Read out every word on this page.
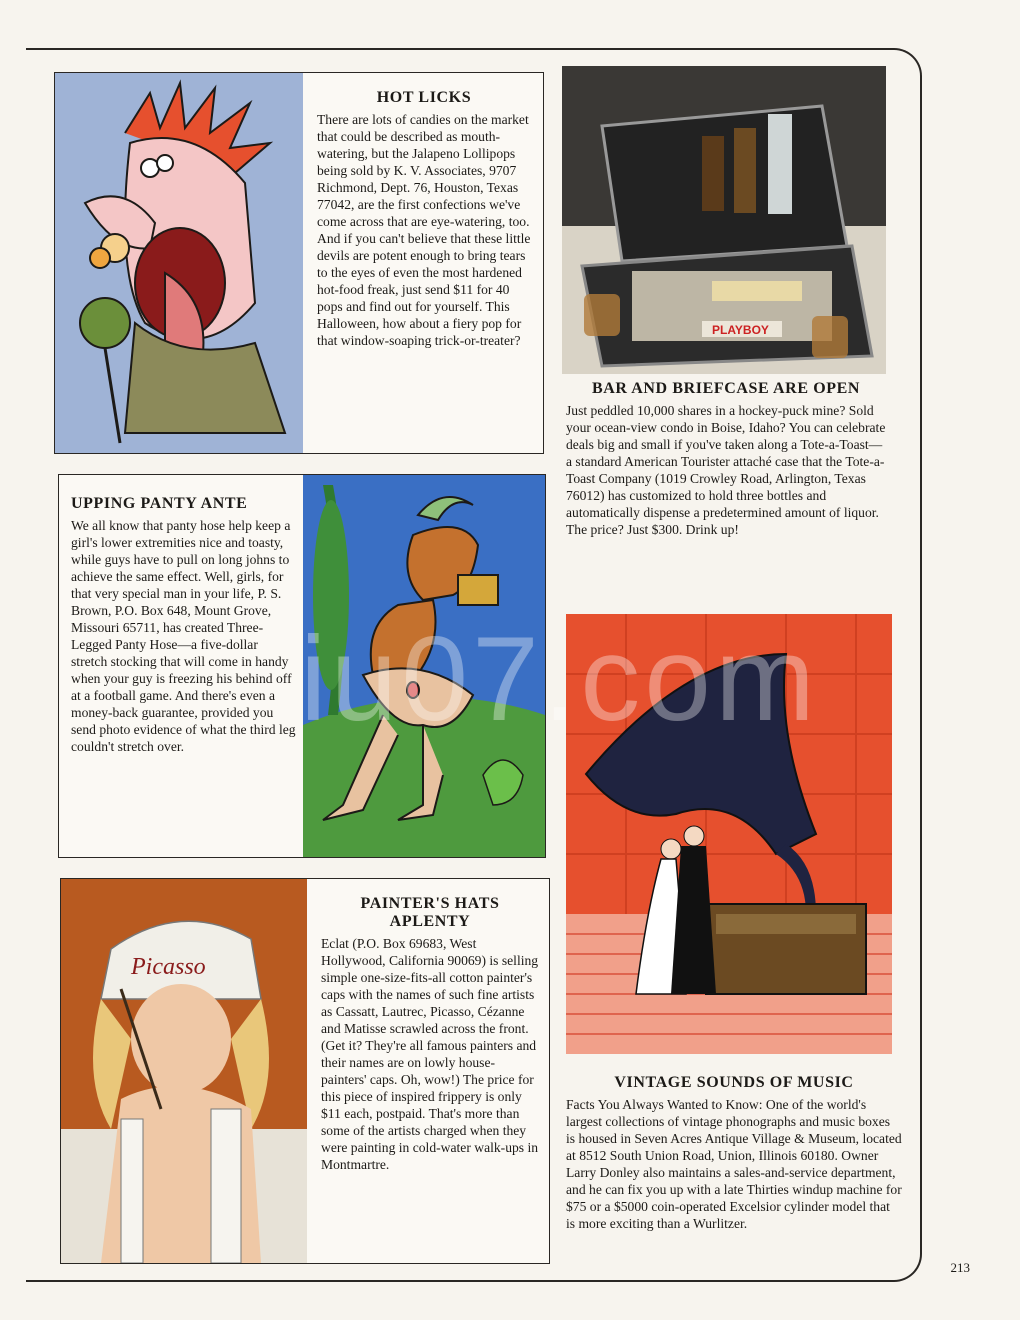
HOT LICKS

There are lots of candies on the market that could be described as mouth-watering, but the Jalapeno Lollipops being sold by K. V. Associates, 9707 Richmond, Dept. 76, Houston, Texas 77042, are the first confections we've come across that are eye-watering, too. And if you can't believe that these little devils are potent enough to bring tears to the eyes of even the most hardened hot-food freak, just send $11 for 40 pops and find out for yourself. This Halloween, how about a fiery pop for that window-soaping trick-or-treater?

PLAYBOY
BAR AND BRIEFCASE ARE OPEN

Just peddled 10,000 shares in a hockey-puck mine? Sold your ocean-view condo in Boise, Idaho? You can celebrate deals big and small if you've taken along a Tote-a-Toast—a standard American Tourister attaché case that the Tote-a-Toast Company (1019 Crowley Road, Arlington, Texas 76012) has customized to hold three bottles and automatically dispense a predetermined amount of liquor. The price? Just $300. Drink up!

UPPING PANTY ANTE

We all know that panty hose help keep a girl's lower extremities nice and toasty, while guys have to pull on long johns to achieve the same effect. Well, girls, for that very special man in your life, P. S. Brown, P.O. Box 648, Mount Grove, Missouri 65711, has created Three-Legged Panty Hose—a five-dollar stretch stocking that will come in handy when your guy is freezing his behind off at a football game. And there's even a money-back guarantee, provided you send photo evidence of what the third leg couldn't stretch over.

VINTAGE SOUNDS OF MUSIC

Facts You Always Wanted to Know: One of the world's largest collections of vintage phonographs and music boxes is housed in Seven Acres Antique Village & Museum, located at 8512 South Union Road, Union, Illinois 60180. Owner Larry Donley also maintains a sales-and-service department, and he can fix you up with a late Thirties windup machine for $75 or a $5000 coin-operated Excelsior cylinder model that is more exciting than a Wurlitzer.

Picasso
PAINTER'S HATS APLENTY

Eclat (P.O. Box 69683, West Hollywood, California 90069) is selling simple one-size-fits-all cotton painter's caps with the names of such fine artists as Cassatt, Lautrec, Picasso, Cézanne and Matisse scrawled across the front. (Get it? They're all famous painters and their names are on lowly house-painters' caps. Oh, wow!) The price for this piece of inspired frippery is only $11 each, postpaid. That's more than some of the artists charged when they were painting in cold-water walk-ups in Montmartre.

iu07.com
213
